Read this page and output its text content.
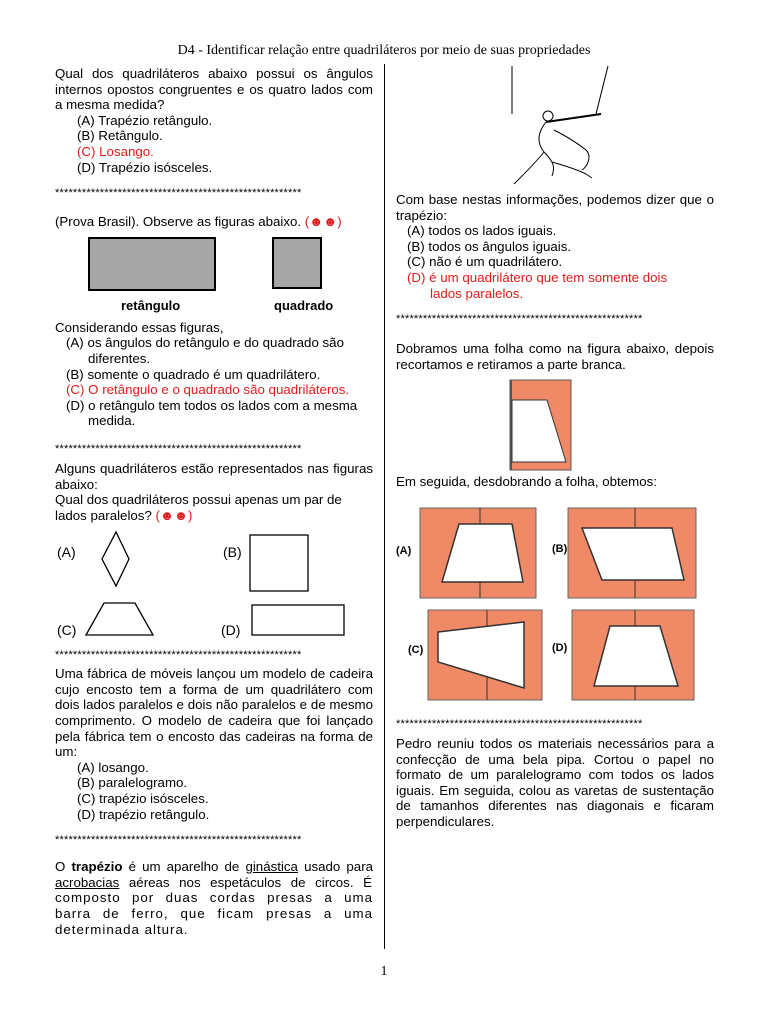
D4 - Identificar relação entre quadriláteros por meio de suas propriedades

Qual dos quadriláteros abaixo possui os ângulos internos opostos congruentes e os quatro lados com a mesma medida?

(A) Trapézio retângulo.

(B) Retângulo.

(C) Losango.

(D) Trapézio isósceles.

*******************************************************

(Prova Brasil). Observe as figuras abaixo. (☻☻)

retângulo	quadrado

Considerando essas figuras,

(A) os ângulos do retângulo e do quadrado são diferentes.

(B) somente o quadrado é um quadrilátero.

(C) O retângulo e o quadrado são quadriláteros.

(D) o retângulo tem todos os lados com a mesma medida.

*******************************************************

Alguns quadriláteros estão representados nas figuras abaixo:

Qual dos quadriláteros possui apenas um par de lados paralelos? (☻☻)

(A)	(B)
(C)	(D)

*******************************************************

Uma fábrica de móveis lançou um modelo de cadeira cujo encosto tem a forma de um quadrilátero com dois lados paralelos e dois não paralelos e de mesmo comprimento. O modelo de cadeira que foi lançado pela fábrica tem o encosto das cadeiras na forma de um:

(A) losango.

(B) paralelogramo.

(C) trapézio isósceles.

(D) trapézio retângulo.

*******************************************************

O trapézio é um aparelho de ginástica usado para acrobacias aéreas nos espetáculos de circos. É composto por duas cordas presas a uma barra de ferro, que ficam presas a uma determinada altura.

Com base nestas informações, podemos dizer que o trapézio:

(A) todos os lados iguais.

(B) todos os ângulos iguais.

(C) não é um quadrilátero.

(D) é um quadrilátero que tem somente dois

lados paralelos.

*******************************************************

Dobramos uma folha como na figura abaixo, depois recortamos e retiramos a parte branca.

Em seguida, desdobrando a folha, obtemos:

(A)	(B)
(C)	(D)

*******************************************************

Pedro reuniu todos os materiais necessários para a confecção de uma bela pipa. Cortou o papel no formato de um paralelogramo com todos os lados iguais. Em seguida, colou as varetas de sustentação de tamanhos diferentes nas diagonais e ficaram perpendiculares.

1
